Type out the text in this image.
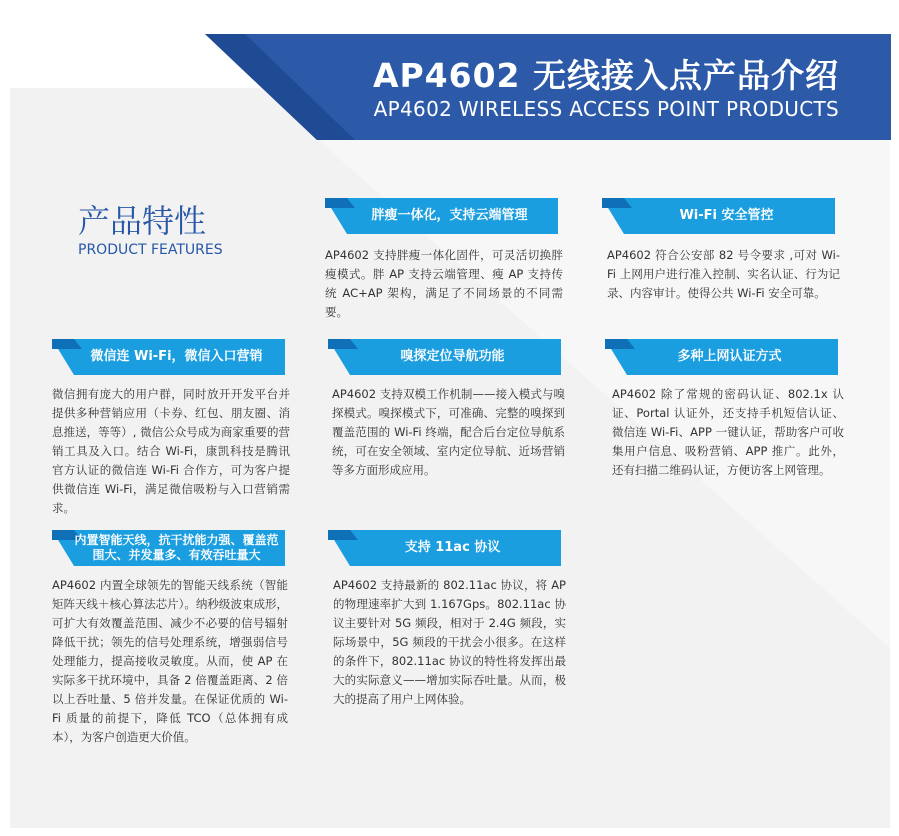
AP4602 无线接入点产品介绍
AP4602 WIRELESS ACCESS POINT PRODUCTS
产品特性
PRODUCT FEATURES
胖瘦一体化，支持云端管理
AP4602 支持胖瘦一体化固件，可灵活切换胖瘦模式。胖 AP 支持云端管理、瘦 AP 支持传统 AC+AP 架构，满足了不同场景的不同需要。
Wi-Fi 安全管控
AP4602 符合公安部 82 号令要求 ,可对 Wi-Fi 上网用户进行准入控制、实名认证、行为记录、内容审计。使得公共 Wi-Fi 安全可靠。
微信连 Wi-Fi，微信入口营销
微信拥有庞大的用户群，同时放开开发平台并提供多种营销应用（卡券、红包、朋友圈、消息推送，等等）, 微信公众号成为商家重要的营销工具及入口。结合 Wi-Fi，康凯科技是腾讯官方认证的微信连 Wi-Fi 合作方，可为客户提供微信连 Wi-Fi，满足微信吸粉与入口营销需求。
嗅探定位导航功能
AP4602 支持双模工作机制——接入模式与嗅探模式。嗅探模式下，可准确、完整的嗅探到覆盖范围的 Wi-Fi 终端，配合后台定位导航系统，可在安全领域、室内定位导航、近场营销等多方面形成应用。
多种上网认证方式
AP4602 除了常规的密码认证、802.1x 认证、Portal 认证外，还支持手机短信认证、微信连 Wi-Fi、APP 一键认证，帮助客户可收集用户信息、吸粉营销、APP 推广。此外，还有扫描二维码认证，方便访客上网管理。
内置智能天线，抗干扰能力强、覆盖范围大、并发量多、有效吞吐量大
AP4602 内置全球领先的智能天线系统（智能矩阵天线＋核心算法芯片）。纳秒级波束成形，可扩大有效覆盖范围、减少不必要的信号辐射降低干扰；领先的信号处理系统，增强弱信号处理能力，提高接收灵敏度。从而，使 AP 在实际多干扰环境中，具备 2 倍覆盖距离、2 倍以上吞吐量、5 倍并发量。在保证优质的 Wi-Fi 质量的前提下，降低 TCO（总体拥有成本），为客户创造更大价值。
支持 11ac 协议
AP4602 支持最新的 802.11ac 协议，将 AP 的物理速率扩大到 1.167Gps。802.11ac 协议主要针对 5G 频段，相对于 2.4G 频段，实际场景中，5G 频段的干扰会小很多。在这样的条件下，802.11ac 协议的特性将发挥出最大的实际意义——增加实际吞吐量。从而，极大的提高了用户上网体验。
